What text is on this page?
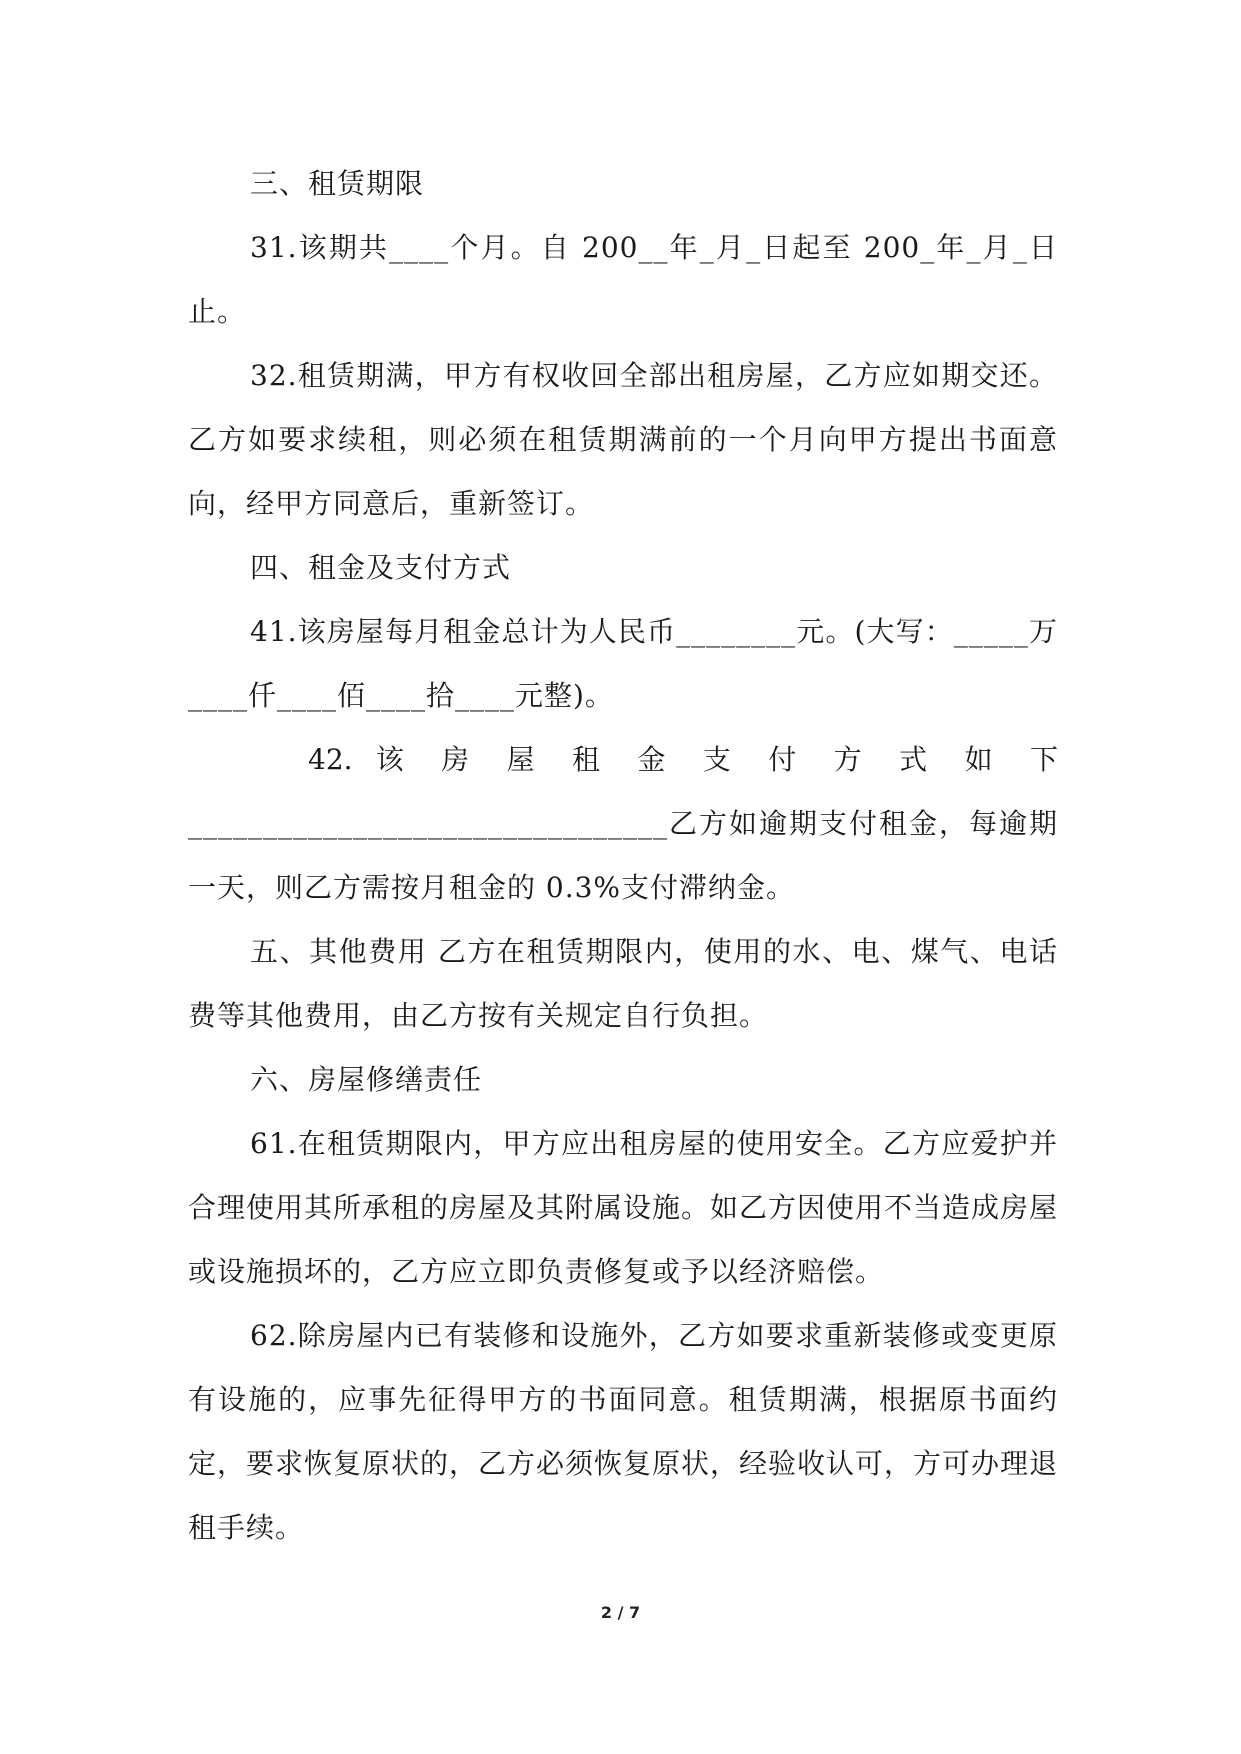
三、租赁期限

31.该期共____个月。自 200__年_月_日起至 200_年_月_日止。

32.租赁期满，甲方有权收回全部出租房屋，乙方应如期交还。乙方如要求续租，则必须在租赁期满前的一个月向甲方提出书面意向，经甲方同意后，重新签订。

四、租金及支付方式

41.该房屋每月租金总计为人民币________元。(大写：_____万____仟____佰____拾____元整)。

42. 该 房 屋 租 金 支 付 方 式 如 下

________________________________乙方如逾期支付租金，每逾期一天，则乙方需按月租金的 0.3%支付滞纳金。

五、其他费用 乙方在租赁期限内，使用的水、电、煤气、电话费等其他费用，由乙方按有关规定自行负担。

六、房屋修缮责任

61.在租赁期限内，甲方应出租房屋的使用安全。乙方应爱护并合理使用其所承租的房屋及其附属设施。如乙方因使用不当造成房屋或设施损坏的，乙方应立即负责修复或予以经济赔偿。

62.除房屋内已有装修和设施外，乙方如要求重新装修或变更原有设施的，应事先征得甲方的书面同意。租赁期满，根据原书面约定，要求恢复原状的，乙方必须恢复原状，经验收认可，方可办理退租手续。

2 / 7
